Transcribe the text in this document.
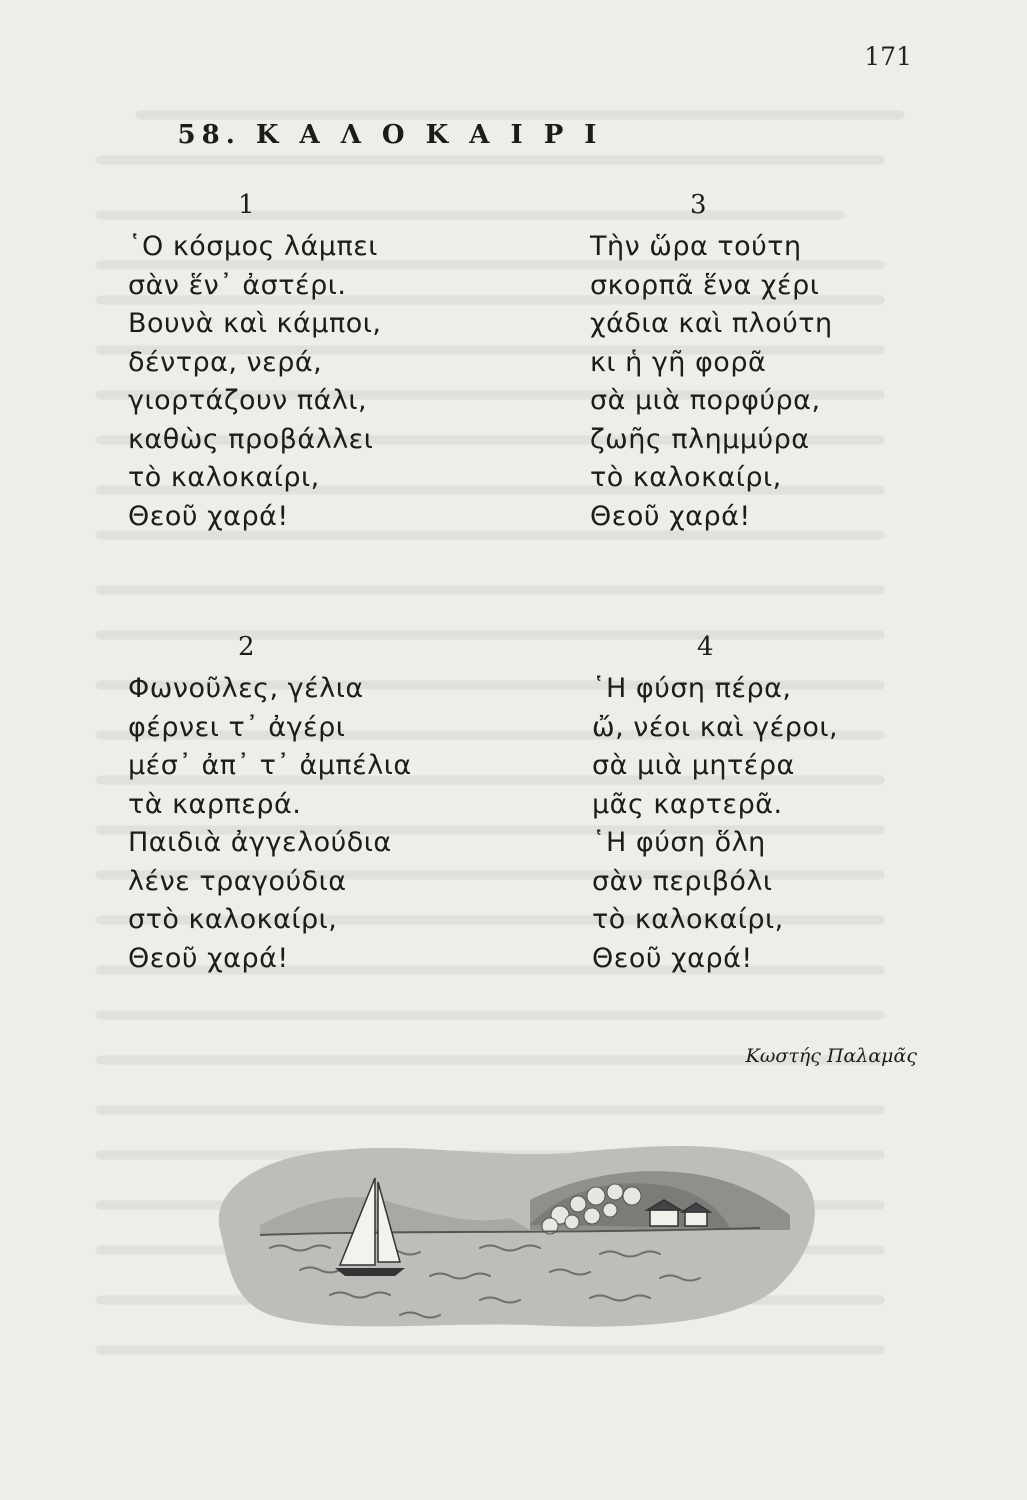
171
58. Κ Α Λ Ο Κ Α Ι Ρ Ι
1
῾Ο κόσμος λάμπει
σὰν ἕν᾽ ἀστέρι.
Βουνὰ καὶ κάμποι,
δέντρα, νερά,
γιορτάζουν πάλι,
καθὼς προβάλλει
τὸ καλοκαίρι,
Θεοῦ χαρά!
3
Τὴν ὥρα τούτη
σκορπᾶ ἕνα χέρι
χάδια καὶ πλούτη
κι ἡ γῆ φορᾶ
σὰ μιὰ πορφύρα,
ζωῆς πλημμύρα
τὸ καλοκαίρι,
Θεοῦ χαρά!
2
Φωνοῦλες, γέλια
φέρνει τ᾽ ἀγέρι
μέσ᾽ ἀπ᾽ τ᾽ ἀμπέλια
τὰ καρπερά.
Παιδιὰ ἀγγελούδια
λένε τραγούδια
στὸ καλοκαίρι,
Θεοῦ χαρά!
4
῾Η φύση πέρα,
ὤ, νέοι καὶ γέροι,
σὰ μιὰ μητέρα
μᾶς καρτερᾶ.
῾Η φύση ὅλη
σὰν περιβόλι
τὸ καλοκαίρι,
Θεοῦ χαρά!
Κωστής Παλαμᾶς
